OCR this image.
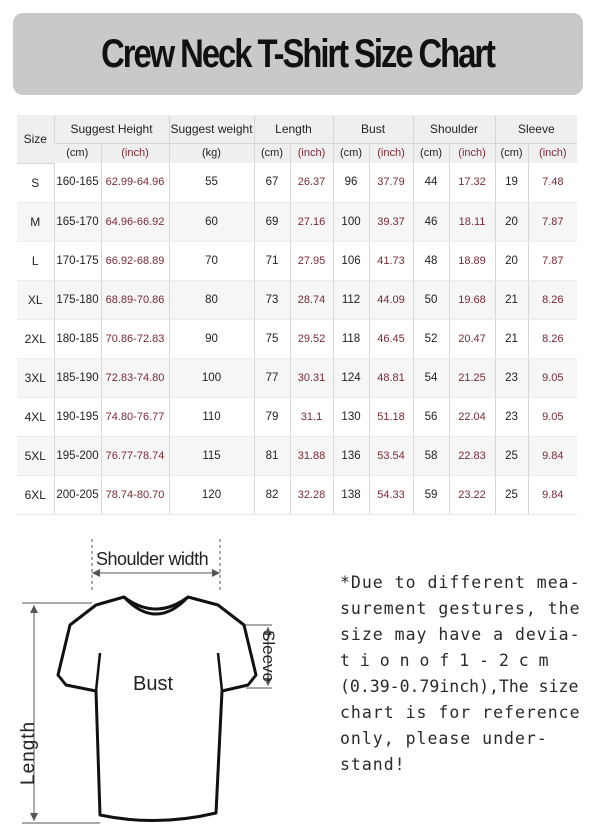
Crew Neck T-Shirt Size Chart
Size	Suggest Height		Suggest weight	Length		Bust		Shoulder		Sleeve	
	(cm)	(inch)	(kg)	(cm)	(inch)	(cm)	(inch)	(cm)	(inch)	(cm)	(inch)
S	160-165	62.99-64.96	55	67	26.37	96	37.79	44	17.32	19	7.48
M	165-170	64.96-66.92	60	69	27.16	100	39.37	46	18.11	20	7.87
L	170-175	66.92-68.89	70	71	27.95	106	41.73	48	18.89	20	7.87
XL	175-180	68.89-70.86	80	73	28.74	112	44.09	50	19.68	21	8.26
2XL	180-185	70.86-72.83	90	75	29.52	118	46.45	52	20.47	21	8.26
3XL	185-190	72.83-74.80	100	77	30.31	124	48.81	54	21.25	23	9.05
4XL	190-195	74.80-76.77	110	79	31.1	130	51.18	56	22.04	23	9.05
5XL	195-200	76.77-78.74	115	81	31.88	136	53.54	58	22.83	25	9.84
6XL	200-205	78.74-80.70	120	82	32.28	138	54.33	59	23.22	25	9.84
Shoulder width
Bust
Sleeve
Length
*Due to different mea-
surement gestures, the
size may have a devia-
t i o n o f 1 - 2 c m
(0.39-0.79inch),The size
chart is for reference
only, please under-
stand!
